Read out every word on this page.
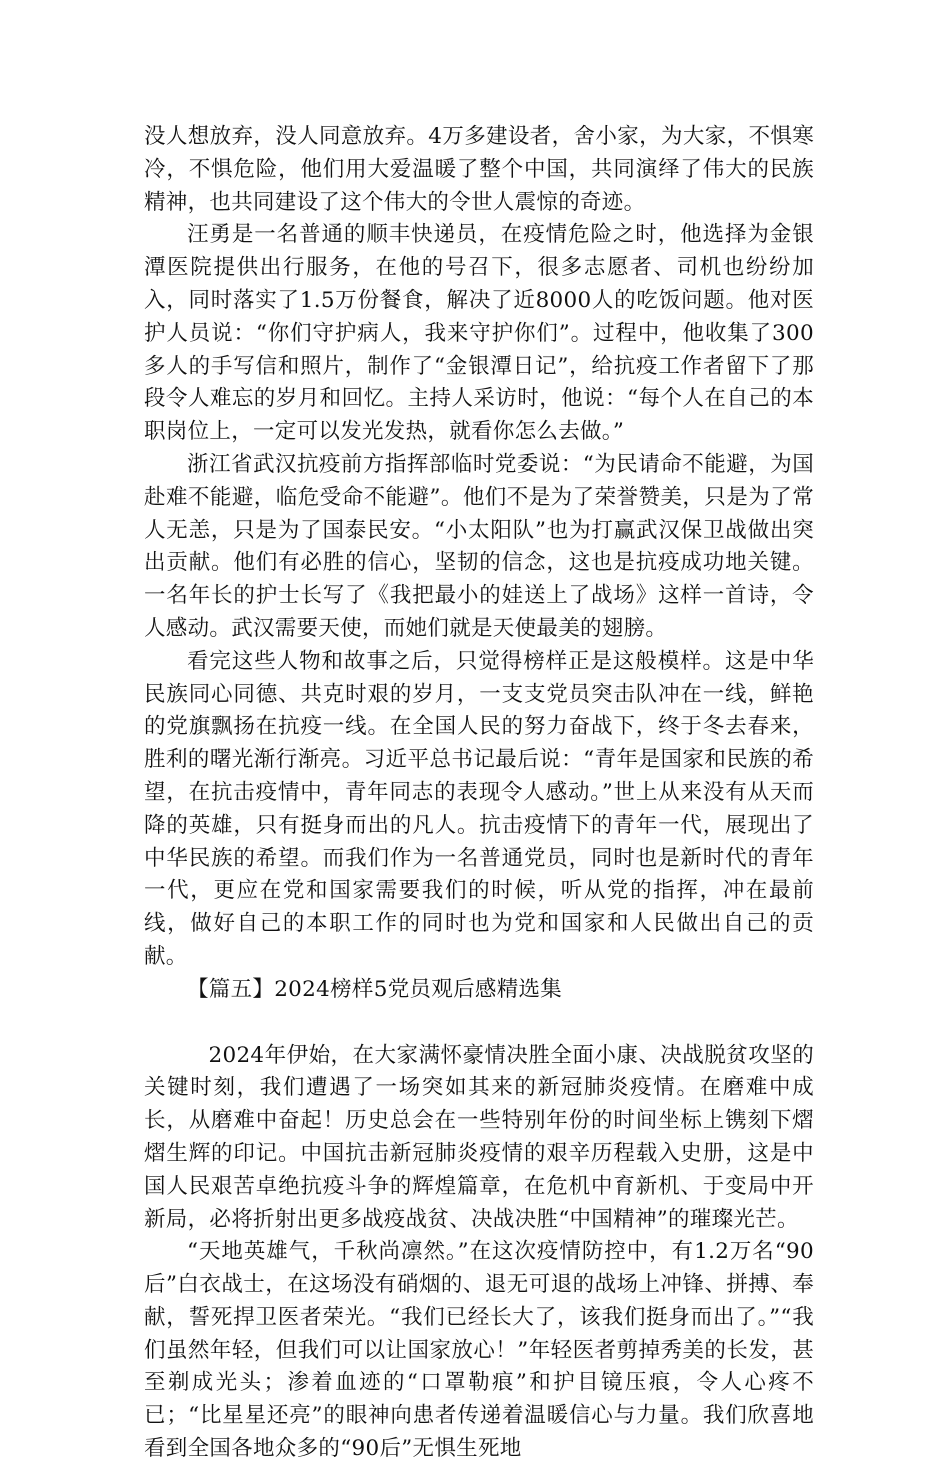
没人想放弃，没人同意放弃。4万多建设者，舍小家，为大家，不惧寒冷，不惧危险，他们用大爱温暖了整个中国，共同演绎了伟大的民族精神，也共同建设了这个伟大的令世人震惊的奇迹。

汪勇是一名普通的顺丰快递员，在疫情危险之时，他选择为金银潭医院提供出行服务，在他的号召下，很多志愿者、司机也纷纷加入，同时落实了1.5万份餐食，解决了近8000人的吃饭问题。他对医护人员说：“你们守护病人，我来守护你们”。过程中，他收集了300多人的手写信和照片，制作了“金银潭日记”，给抗疫工作者留下了那段令人难忘的岁月和回忆。主持人采访时，他说：“每个人在自己的本职岗位上，一定可以发光发热，就看你怎么去做。”

浙江省武汉抗疫前方指挥部临时党委说：“为民请命不能避，为国赴难不能避，临危受命不能避”。他们不是为了荣誉赞美，只是为了常人无恙，只是为了国泰民安。“小太阳队”也为打赢武汉保卫战做出突出贡献。他们有必胜的信心，坚韧的信念，这也是抗疫成功地关键。一名年长的护士长写了《我把最小的娃送上了战场》这样一首诗，令人感动。武汉需要天使，而她们就是天使最美的翅膀。

看完这些人物和故事之后，只觉得榜样正是这般模样。这是中华民族同心同德、共克时艰的岁月，一支支党员突击队冲在一线，鲜艳的党旗飘扬在抗疫一线。在全国人民的努力奋战下，终于冬去春来，胜利的曙光渐行渐亮。习近平总书记最后说：“青年是国家和民族的希望，在抗击疫情中，青年同志的表现令人感动。”世上从来没有从天而降的英雄，只有挺身而出的凡人。抗击疫情下的青年一代，展现出了中华民族的希望。而我们作为一名普通党员，同时也是新时代的青年一代，更应在党和国家需要我们的时候，听从党的指挥，冲在最前线，做好自己的本职工作的同时也为党和国家和人民做出自己的贡献。

【篇五】2024榜样5党员观后感精选集

2024年伊始，在大家满怀豪情决胜全面小康、决战脱贫攻坚的关键时刻，我们遭遇了一场突如其来的新冠肺炎疫情。在磨难中成长，从磨难中奋起！历史总会在一些特别年份的时间坐标上镌刻下熠熠生辉的印记。中国抗击新冠肺炎疫情的艰辛历程载入史册，这是中国人民艰苦卓绝抗疫斗争的辉煌篇章，在危机中育新机、于变局中开新局，必将折射出更多战疫战贫、决战决胜“中国精神”的璀璨光芒。

“天地英雄气，千秋尚凛然。”在这次疫情防控中，有1.2万名“90后”白衣战士，在这场没有硝烟的、退无可退的战场上冲锋、拼搏、奉献，誓死捍卫医者荣光。“我们已经长大了，该我们挺身而出了。”“我们虽然年轻，但我们可以让国家放心！”年轻医者剪掉秀美的长发，甚至剃成光头；渗着血迹的“口罩勒痕”和护目镜压痕，令人心疼不已；“比星星还亮”的眼神向患者传递着温暖信心与力量。我们欣喜地看到全国各地众多的“90后”无惧生死地
